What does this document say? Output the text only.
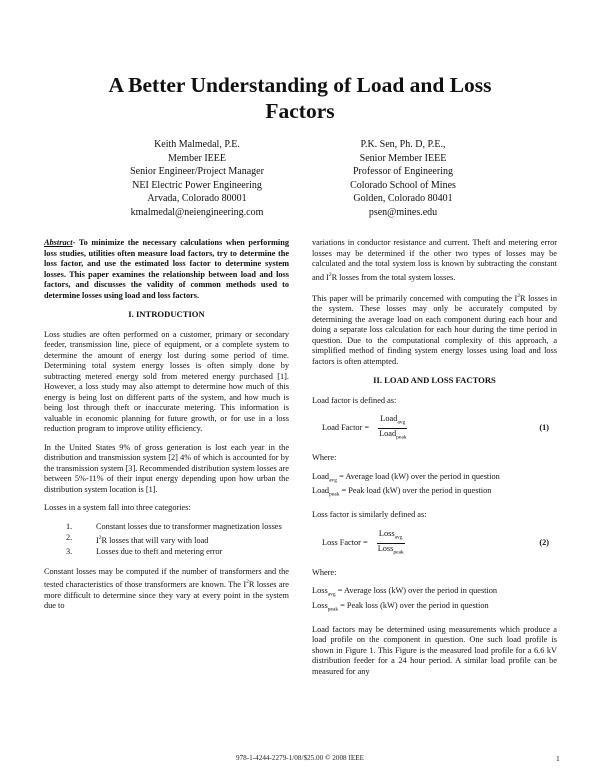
A Better Understanding of Load and Loss
Factors
Keith Malmedal, P.E.
Member IEEE
Senior Engineer/Project Manager
NEI Electric Power Engineering
Arvada, Colorado 80001
kmalmedal@neiengineering.com
P.K. Sen, Ph. D, P.E.,
Senior Member IEEE
Professor of Engineering
Colorado School of Mines
Golden, Colorado 80401
psen@mines.edu

Abstract- To minimize the necessary calculations when performing loss studies, utilities often measure load factors, try to determine the loss factor, and use the estimated loss factor to determine system losses. This paper examines the relationship between load and loss factors, and discusses the validity of common methods used to determine losses using load and loss factors.

I. INTRODUCTION

Loss studies are often performed on a customer, primary or secondary feeder, transmission line, piece of equipment, or a complete system to determine the amount of energy lost during some period of time. Determining total system energy losses is often simply done by subtracting metered energy sold from metered energy purchased [1]. However, a loss study may also attempt to determine how much of this energy is being lost on different parts of the system, and how much is being lost through theft or inaccurate metering. This information is valuable in economic planning for future growth, or for use in a loss reduction program to improve utility efficiency.

In the United States 9% of gross generation is lost each year in the distribution and transmission system [2] 4% of which is accounted for by the transmission system [3]. Recommended distribution system losses are between 5%-11% of their input energy depending upon how urban the distribution system location is [1].

Losses in a system fall into three categories:

1.	Constant losses due to transformer magnetization losses
2.	$I^2R$ losses that will vary with load
3.	Losses due to theft and metering error

Constant losses may be computed if the number of transformers and the tested characteristics of those transformers are known. The $I^2R$ losses are more difficult to determine since they vary at every point in the system due to

variations in conductor resistance and current. Theft and metering error losses may be determined if the other two types of losses may be calculated and the total system loss is known by subtracting the constant and $I^2R$ losses from the total system losses.

This paper will be primarily concerned with computing the $I^2R$ losses in the system. These losses may only be accurately computed by determining the average load on each component during each hour and doing a separate loss calculation for each hour during the time period in question. Due to the computational complexity of this approach, a simplified method of finding system energy losses using load and loss factors is often attempted.

II. LOAD AND LOSS FACTORS

Load factor is defined as:

Load Factor = $\frac{Load_{avg}}{Load_{peak}}$	(1)

Where:

Load$_{avg}$ = Average load (kW) over the period in question
Load$_{peak}$ = Peak load (kW) over the period in question

Loss factor is similarly defined as:

Loss Factor = $\frac{Loss_{avg}}{Loss_{peak}}$	(2)

Where:

Loss$_{avg}$ = Average loss (kW) over the period in question
Loss$_{peak}$ = Peak loss (kW) over the period in question

Load factors may be determined using measurements which produce a load profile on the component in question. One such load profile is shown in Figure 1. This Figure is the measured load profile for a 6.6 kV distribution feeder for a 24 hour period. A similar load profile can be measured for any

978-1-4244-2279-1/08/$25.00 © 2008 IEEE	1
